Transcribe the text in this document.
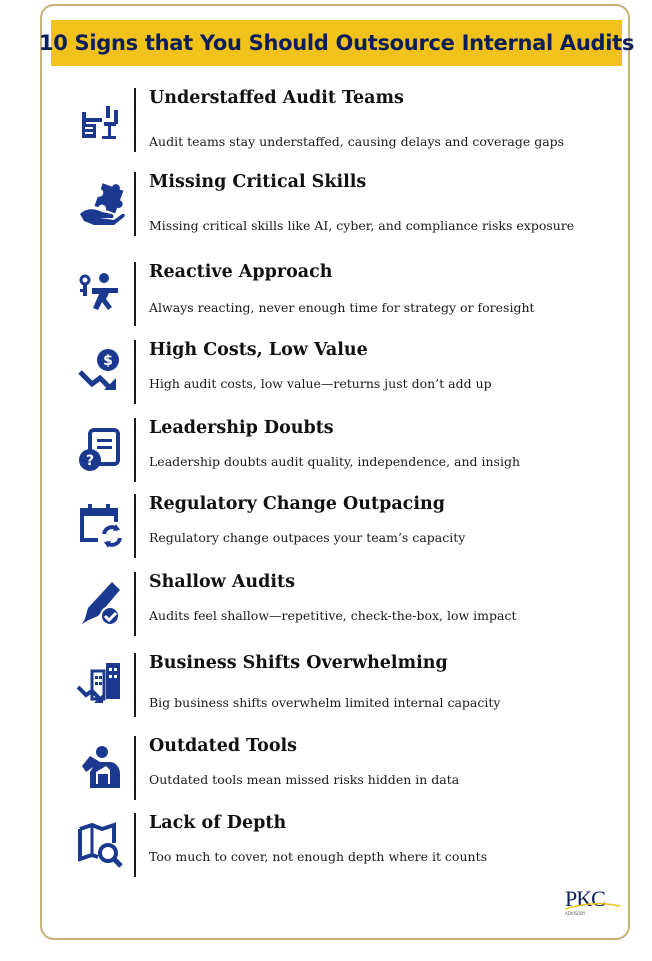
10 Signs that You Should Outsource Internal Audits
Understaffed Audit Teams
Audit teams stay understaffed, causing delays and coverage gaps
Missing Critical Skills
Missing critical skills like AI, cyber, and compliance risks exposure
Reactive Approach
Always reacting, never enough time for strategy or foresight
$
High Costs, Low Value
High audit costs, low value—returns just don’t add up
?
Leadership Doubts
Leadership doubts audit quality, independence, and insigh
Regulatory Change Outpacing
Regulatory change outpaces your team’s capacity
Shallow Audits
Audits feel shallow—repetitive, check-the-box, low impact
Business Shifts Overwhelming
Big business shifts overwhelm limited internal capacity
Outdated Tools
Outdated tools mean missed risks hidden in data
Lack of Depth
Too much to cover, not enough depth where it counts
PKC
ADVISORY
